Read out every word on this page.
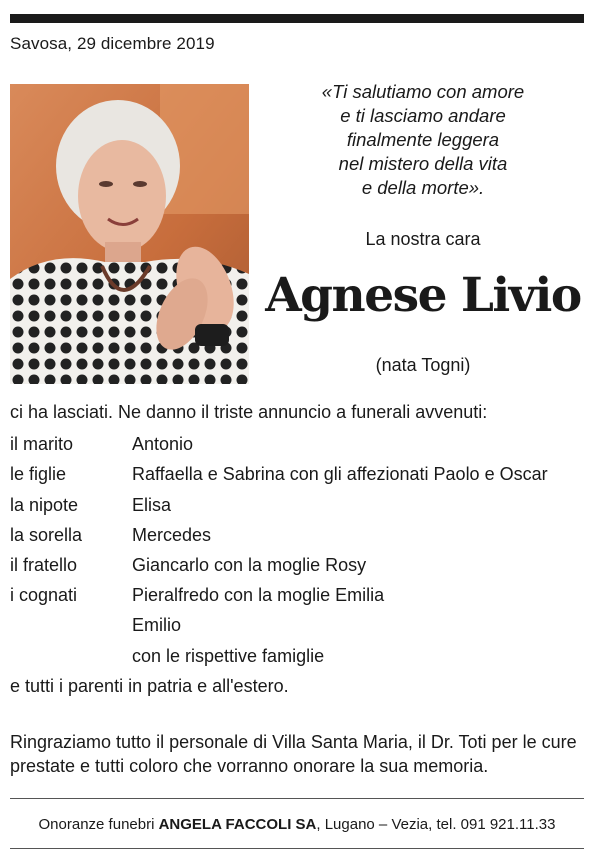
Savosa, 29 dicembre 2019
«Ti salutiamo con amore
e ti lasciamo andare
finalmente leggera
nel mistero della vita
e della morte».
La nostra cara
Agnese Livio
(nata Togni)
ci ha lasciati. Ne danno il triste annuncio a funerali avvenuti:
il marito	Antonio
le figlie	Raffaella e Sabrina con gli affezionati Paolo e Oscar
la nipote	Elisa
la sorella	Mercedes
il fratello	Giancarlo con la moglie Rosy
i cognati	Pieralfredo con la moglie Emilia
Emilio
con le rispettive famiglie
e tutti i parenti in patria e all'estero.
Ringraziamo tutto il personale di Villa Santa Maria, il Dr. Toti per le cure prestate e tutti coloro che vorranno onorare la sua memoria.
Onoranze funebri ANGELA FACCOLI SA, Lugano – Vezia, tel. 091 921.11.33
